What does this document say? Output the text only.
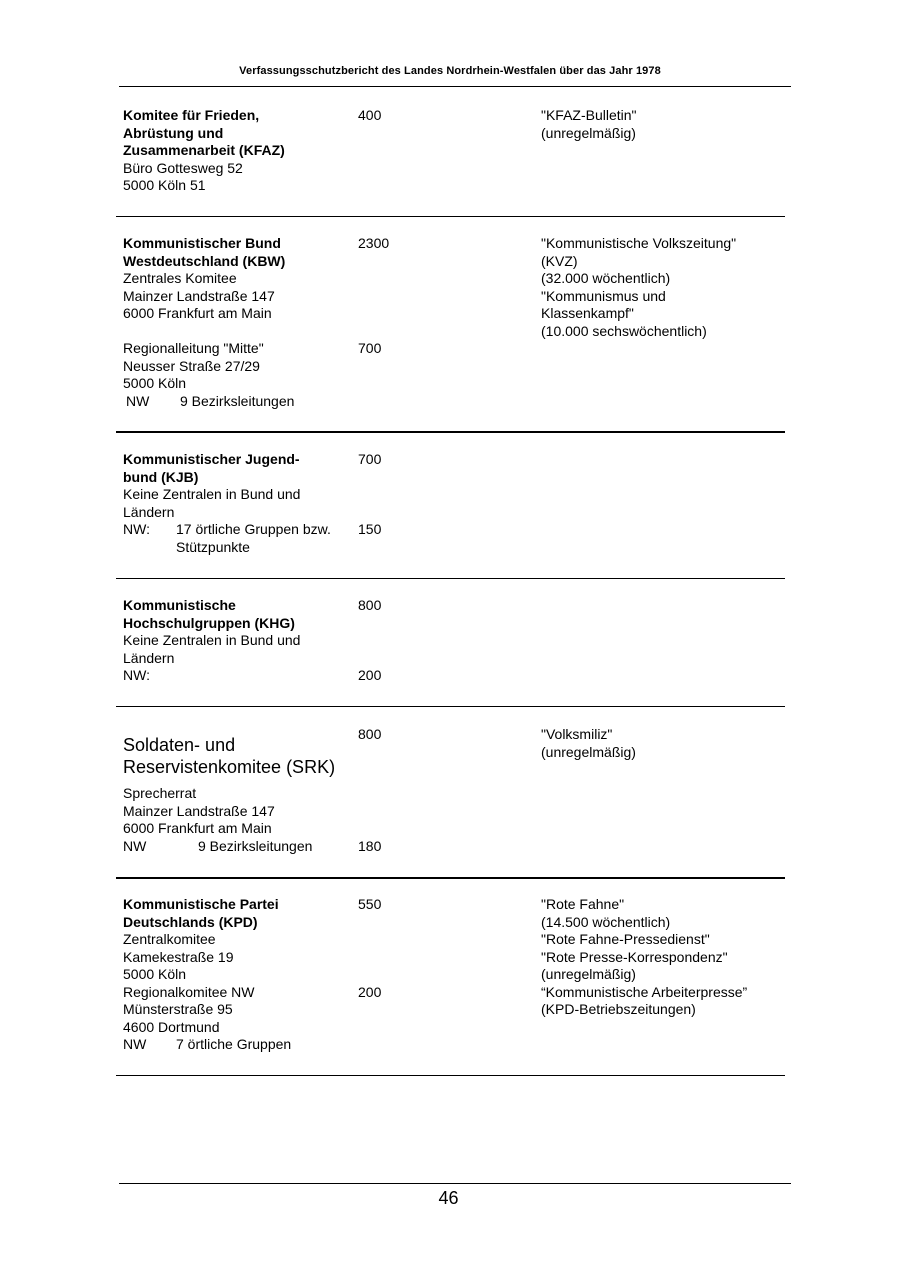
Verfassungsschutzbericht des Landes Nordrhein-Westfalen über das Jahr 1978
Komitee für Frieden,
Abrüstung und
Zusammenarbeit (KFAZ)
Büro Gottesweg 52
5000 Köln 51
400	"KFAZ-Bulletin"
(unregelmäßig)
Kommunistischer Bund
Westdeutschland (KBW)
Zentrales Komitee
Mainzer Landstraße 147
6000 Frankfurt am Main
Regionalleitung "Mitte"
Neusser Straße 27/29
5000 Köln
NW 9 Bezirksleitungen
2300
700
"Kommunistische Volkszeitung"
(KVZ)
(32.000 wöchentlich)
"Kommunismus und
Klassenkampf"
(10.000 sechswöchentlich)
Kommunistischer Jugend-
bund (KJB)
Keine Zentralen in Bund und
Ländern
NW: 17 örtliche Gruppen bzw.
Stützpunkte
700
150
Kommunistische
Hochschulgruppen (KHG)
Keine Zentralen in Bund und
Ländern
NW:
800
200
Soldaten- und
Reservistenkomitee (SRK)
Sprecherrat
Mainzer Landstraße 147
6000 Frankfurt am Main
NW	9 Bezirksleitungen
800
180
"Volksmiliz"
(unregelmäßig)
Kommunistische Partei
Deutschlands (KPD)
Zentralkomitee
Kamekestraße 19
5000 Köln
Regionalkomitee NW
Münsterstraße 95
4600 Dortmund
NW 7 örtliche Gruppen
550
200
"Rote Fahne"
(14.500 wöchentlich)
"Rote Fahne-Pressedienst"
"Rote Presse-Korrespondenz"
(unregelmäßig)
“Kommunistische Arbeiterpresse”
(KPD-Betriebszeitungen)
46
